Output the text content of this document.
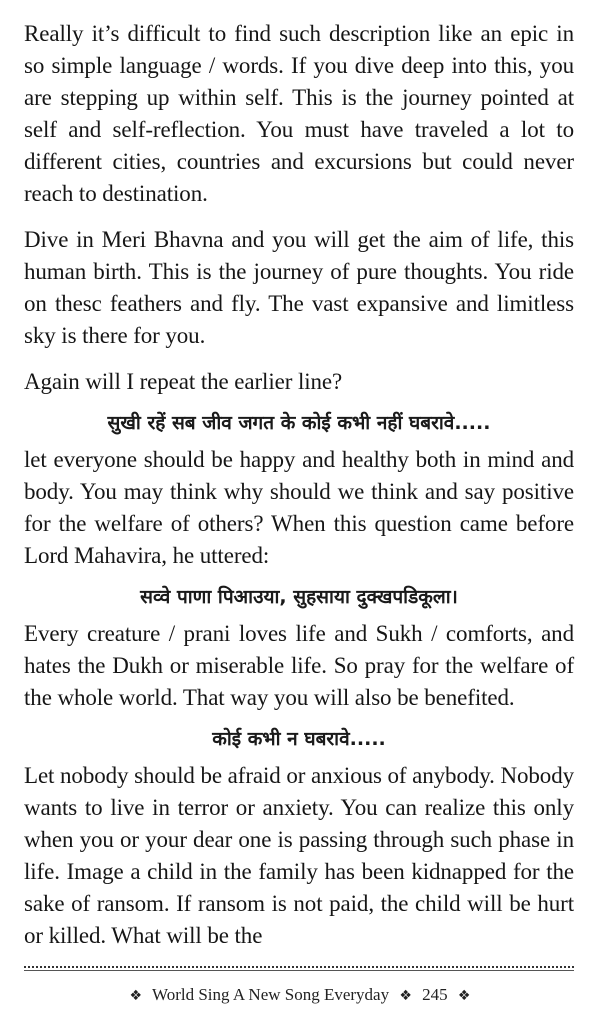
Really it’s difficult to find such description like an epic in so simple language / words. If you dive deep into this, you are stepping up within self. This is the journey pointed at self and self-reflection. You must have traveled a lot to different cities, countries and excursions but could never reach to destination.

Dive in Meri Bhavna and you will get the aim of life, this human birth. This is the journey of pure thoughts. You ride on thesc feathers and fly. The vast expansive and limitless sky is there for you.

Again will I repeat the earlier line?

सुखी रहें सब जीव जगत के कोई कभी नहीं घबरावे.....

let everyone should be happy and healthy both in mind and body. You may think why should we think and say positive for the welfare of others? When this question came before Lord Mahavira, he uttered:

सव्वे पाणा पिआउया, सुहसाया दुक्खपडिकूला।

Every creature / prani loves life and Sukh / comforts, and hates the Dukh or miserable life. So pray for the welfare of the whole world. That way you will also be benefited.

कोई कभी न घबरावे.....

Let nobody should be afraid or anxious of anybody. Nobody wants to live in terror or anxiety. You can realize this only when you or your dear one is passing through such phase in life. Image a child in the family has been kidnapped for the sake of ransom. If ransom is not paid, the child will be hurt or killed. What will be the

❖ World Sing A New Song Everyday ❖ 245 ❖
